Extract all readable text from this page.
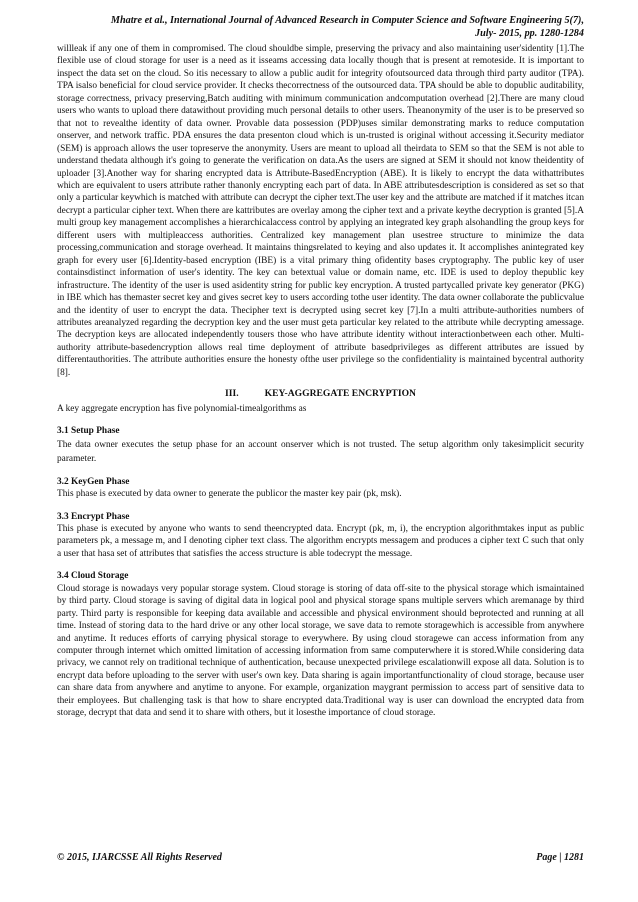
Mhatre et al., International Journal of Advanced Research in Computer Science and Software Engineering 5(7),
July- 2015, pp. 1280-1284

willleak if any one of them in compromised. The cloud shouldbe simple, preserving the privacy and also maintaining user'sidentity [1].The flexible use of cloud storage for user is a need as it isseams accessing data locally though that is present at remoteside. It is important to inspect the data set on the cloud. So itis necessary to allow a public audit for integrity ofoutsourced data through third party auditor (TPA). TPA isalso beneficial for cloud service provider. It checks thecorrectness of the outsourced data. TPA should be able to dopublic auditability, storage correctness, privacy preserving,Batch auditing with minimum communication andcomputation overhead [2].There are many cloud users who wants to upload there datawithout providing much personal details to other users. Theanonymity of the user is to be preserved so that not to revealthe identity of data owner. Provable data possession (PDP)uses similar demonstrating marks to reduce computation onserver, and network traffic. PDA ensures the data presenton cloud which is un-trusted is original without accessing it.Security mediator (SEM) is approach allows the user topreserve the anonymity. Users are meant to upload all theirdata to SEM so that the SEM is not able to understand thedata although it's going to generate the verification on data.As the users are signed at SEM it should not know theidentity of uploader [3].Another way for sharing encrypted data is Attribute-BasedEncryption (ABE). It is likely to encrypt the data withattributes which are equivalent to users attribute rather thanonly encrypting each part of data. In ABE attributesdescription is considered as set so that only a particular keywhich is matched with attribute can decrypt the cipher text.The user key and the attribute are matched if it matches itcan decrypt a particular cipher text. When there are kattributes are overlay among the cipher text and a private keythe decryption is granted [5].A multi group key management accomplishes a hierarchicalaccess control by applying an integrated key graph alsohandling the group keys for different users with multipleaccess authorities. Centralized key management plan usestree structure to minimize the data processing,communication and storage overhead. It maintains thingsrelated to keying and also updates it. It accomplishes anintegrated key graph for every user [6].Identity-based encryption (IBE) is a vital primary thing ofidentity bases cryptography. The public key of user containsdistinct information of user's identity. The key can betextual value or domain name, etc. IDE is used to deploy thepublic key infrastructure. The identity of the user is used asidentity string for public key encryption. A trusted partycalled private key generator (PKG) in IBE which has themaster secret key and gives secret key to users according tothe user identity. The data owner collaborate the publicvalue and the identity of user to encrypt the data. Thecipher text is decrypted using secret key [7].In a multi attribute-authorities numbers of attributes areanalyzed regarding the decryption key and the user must geta particular key related to the attribute while decrypting amessage. The decryption keys are allocated independently tousers those who have attribute identity without interactionbetween each other. Multi-authority attribute-basedencryption allows real time deployment of attribute basedprivileges as different attributes are issued by differentauthorities. The attribute authorities ensure the honesty ofthe user privilege so the confidentiality is maintained bycentral authority [8].

III.	KEY-AGGREGATE ENCRYPTION

A key aggregate encryption has five polynomial-timealgorithms as

3.1 Setup Phase

The data owner executes the setup phase for an account onserver which is not trusted. The setup algorithm only takesimplicit security parameter.

3.2 KeyGen Phase

This phase is executed by data owner to generate the publicor the master key pair (pk, msk).

3.3 Encrypt Phase

This phase is executed by anyone who wants to send theencrypted data. Encrypt (pk, m, i), the encryption algorithmtakes input as public parameters pk, a message m, and I denoting cipher text class. The algorithm encrypts messagem and produces a cipher text C such that only a user that hasa set of attributes that satisfies the access structure is able todecrypt the message.

3.4 Cloud Storage

Cloud storage is nowadays very popular storage system. Cloud storage is storing of data off-site to the physical storage which ismaintained by third party. Cloud storage is saving of digital data in logical pool and physical storage spans multiple servers which aremanage by third party. Third party is responsible for keeping data available and accessible and physical environment should beprotected and running at all time. Instead of storing data to the hard drive or any other local storage, we save data to remote storagewhich is accessible from anywhere and anytime. It reduces efforts of carrying physical storage to everywhere. By using cloud storagewe can access information from any computer through internet which omitted limitation of accessing information from same computerwhere it is stored.While considering data privacy, we cannot rely on traditional technique of authentication, because unexpected privilege escalationwill expose all data. Solution is to encrypt data before uploading to the server with user's own key. Data sharing is again importantfunctionality of cloud storage, because user can share data from anywhere and anytime to anyone. For example, organization maygrant permission to access part of sensitive data to their employees. But challenging task is that how to share encrypted data.Traditional way is user can download the encrypted data from storage, decrypt that data and send it to share with others, but it losesthe importance of cloud storage.

© 2015, IJARCSSE All Rights Reserved	Page | 1281
